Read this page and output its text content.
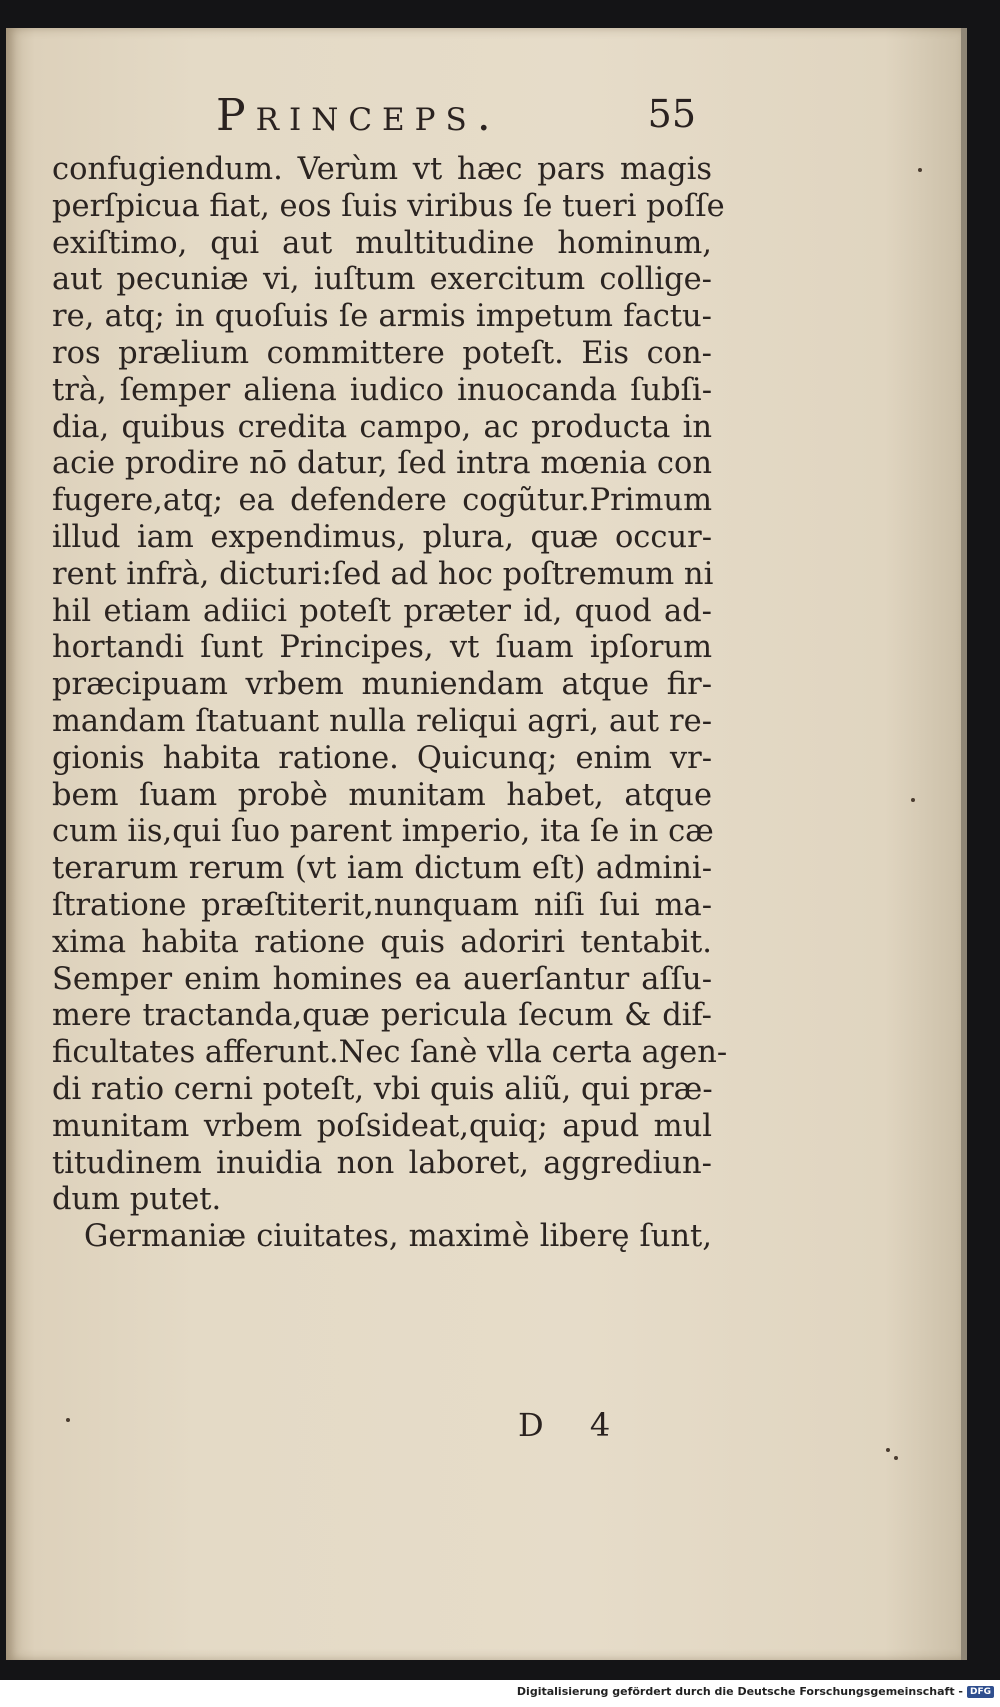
Princeps.	55
confugiendum. Verùm vt hæc pars magis
perſpicua fiat, eos ſuis viribus ſe tueri poſſe
exiſtimo, qui aut multitudine hominum,
aut pecuniæ vi, iuſtum exercitum collige-
re, atq; in quoſuis ſe armis impetum factu-
ros prælium committere poteſt. Eis con-
trà, ſemper aliena iudico inuocanda ſubſi-
dia, quibus credita campo, ac producta in
acie prodire nō datur, ſed intra mœnia con
fugere,atq; ea defendere cogũtur.Primum
illud iam expendimus, plura, quæ occur-
rent infrà, dicturi:ſed ad hoc poſtremum ni
hil etiam adiici poteſt præter id, quod ad-
hortandi ſunt Principes, vt ſuam ipſorum
præcipuam vrbem muniendam atque fir-
mandam ſtatuant nulla reliqui agri, aut re-
gionis habita ratione. Quicunq; enim vr-
bem ſuam probè munitam habet, atque
cum iis,qui ſuo parent imperio, ita ſe in cæ
terarum rerum (vt iam dictum eſt) admini-
ſtratione præſtiterit,nunquam niſi ſui ma-
xima habita ratione quis adoriri tentabit.
Semper enim homines ea auerſantur aſſu-
mere tractanda,quæ pericula ſecum & dif-
ficultates afferunt.Nec ſanè vlla certa agen-
di ratio cerni poteſt, vbi quis aliũ, qui præ-
munitam vrbem poſsideat,quiq; apud mul
titudinem inuidia non laboret, aggrediun-
dum putet.
Germaniæ ciuitates, maximè liberę ſunt,
D 4
Digitalisierung gefördert durch die Deutsche Forschungsgemeinschaft - DFG
